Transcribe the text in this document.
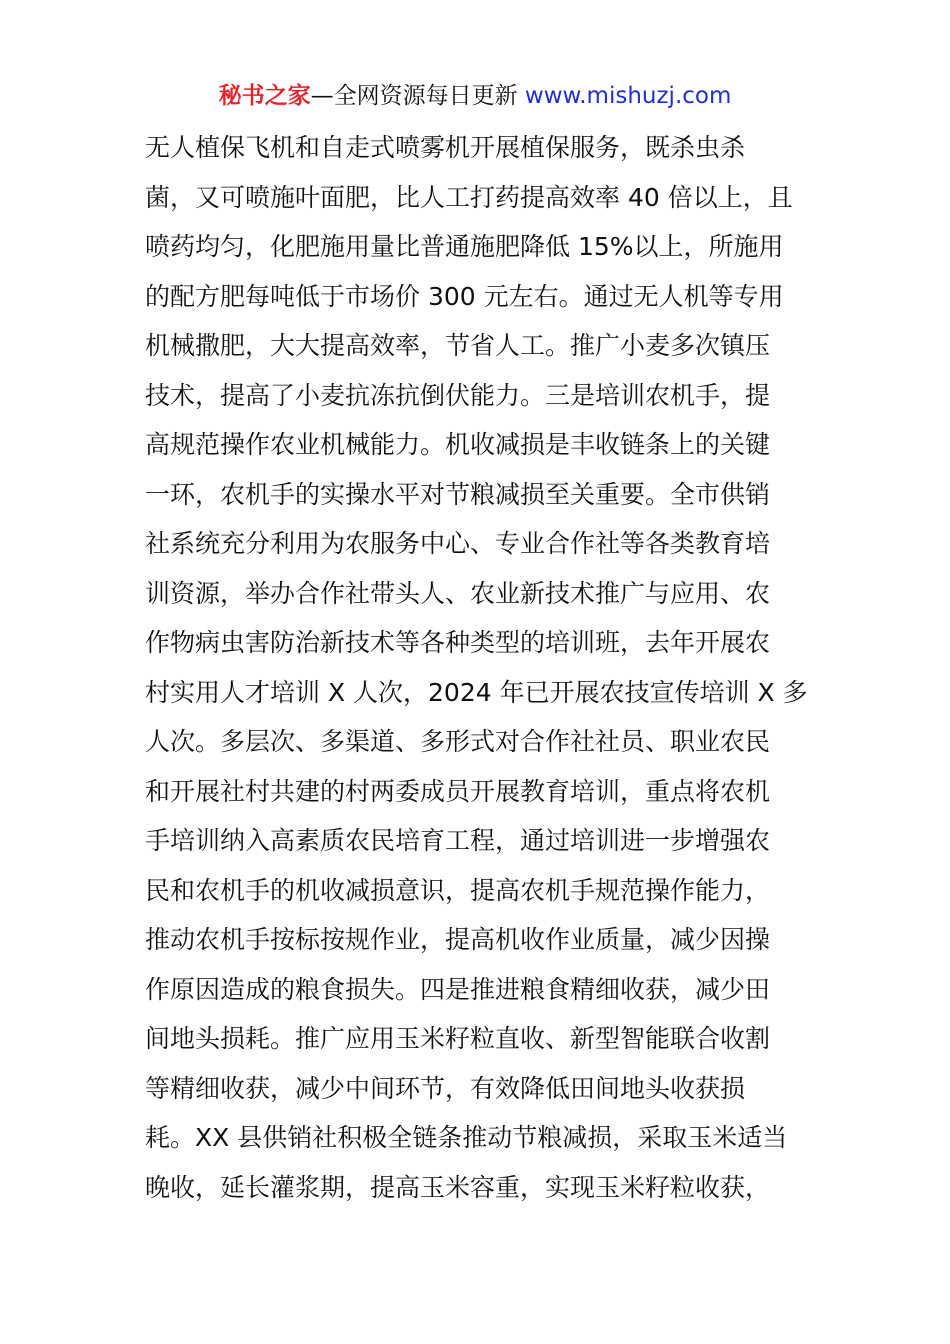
秘书之家—全网资源每日更新 www.mishuzj.com
无人植保飞机和自走式喷雾机开展植保服务，既杀虫杀
菌，又可喷施叶面肥，比人工打药提高效率 40 倍以上，且
喷药均匀，化肥施用量比普通施肥降低 15%以上，所施用
的配方肥每吨低于市场价 300 元左右。通过无人机等专用
机械撒肥，大大提高效率，节省人工。推广小麦多次镇压
技术，提高了小麦抗冻抗倒伏能力。三是培训农机手，提
高规范操作农业机械能力。机收减损是丰收链条上的关键
一环，农机手的实操水平对节粮减损至关重要。全市供销
社系统充分利用为农服务中心、专业合作社等各类教育培
训资源，举办合作社带头人、农业新技术推广与应用、农
作物病虫害防治新技术等各种类型的培训班，去年开展农
村实用人才培训 X 人次，2024 年已开展农技宣传培训 X 多
人次。多层次、多渠道、多形式对合作社社员、职业农民
和开展社村共建的村两委成员开展教育培训，重点将农机
手培训纳入高素质农民培育工程，通过培训进一步增强农
民和农机手的机收减损意识，提高农机手规范操作能力，
推动农机手按标按规作业，提高机收作业质量，减少因操
作原因造成的粮食损失。四是推进粮食精细收获，减少田
间地头损耗。推广应用玉米籽粒直收、新型智能联合收割
等精细收获，减少中间环节，有效降低田间地头收获损
耗。XX 县供销社积极全链条推动节粮减损，采取玉米适当
晚收，延长灌浆期，提高玉米容重，实现玉米籽粒收获，
